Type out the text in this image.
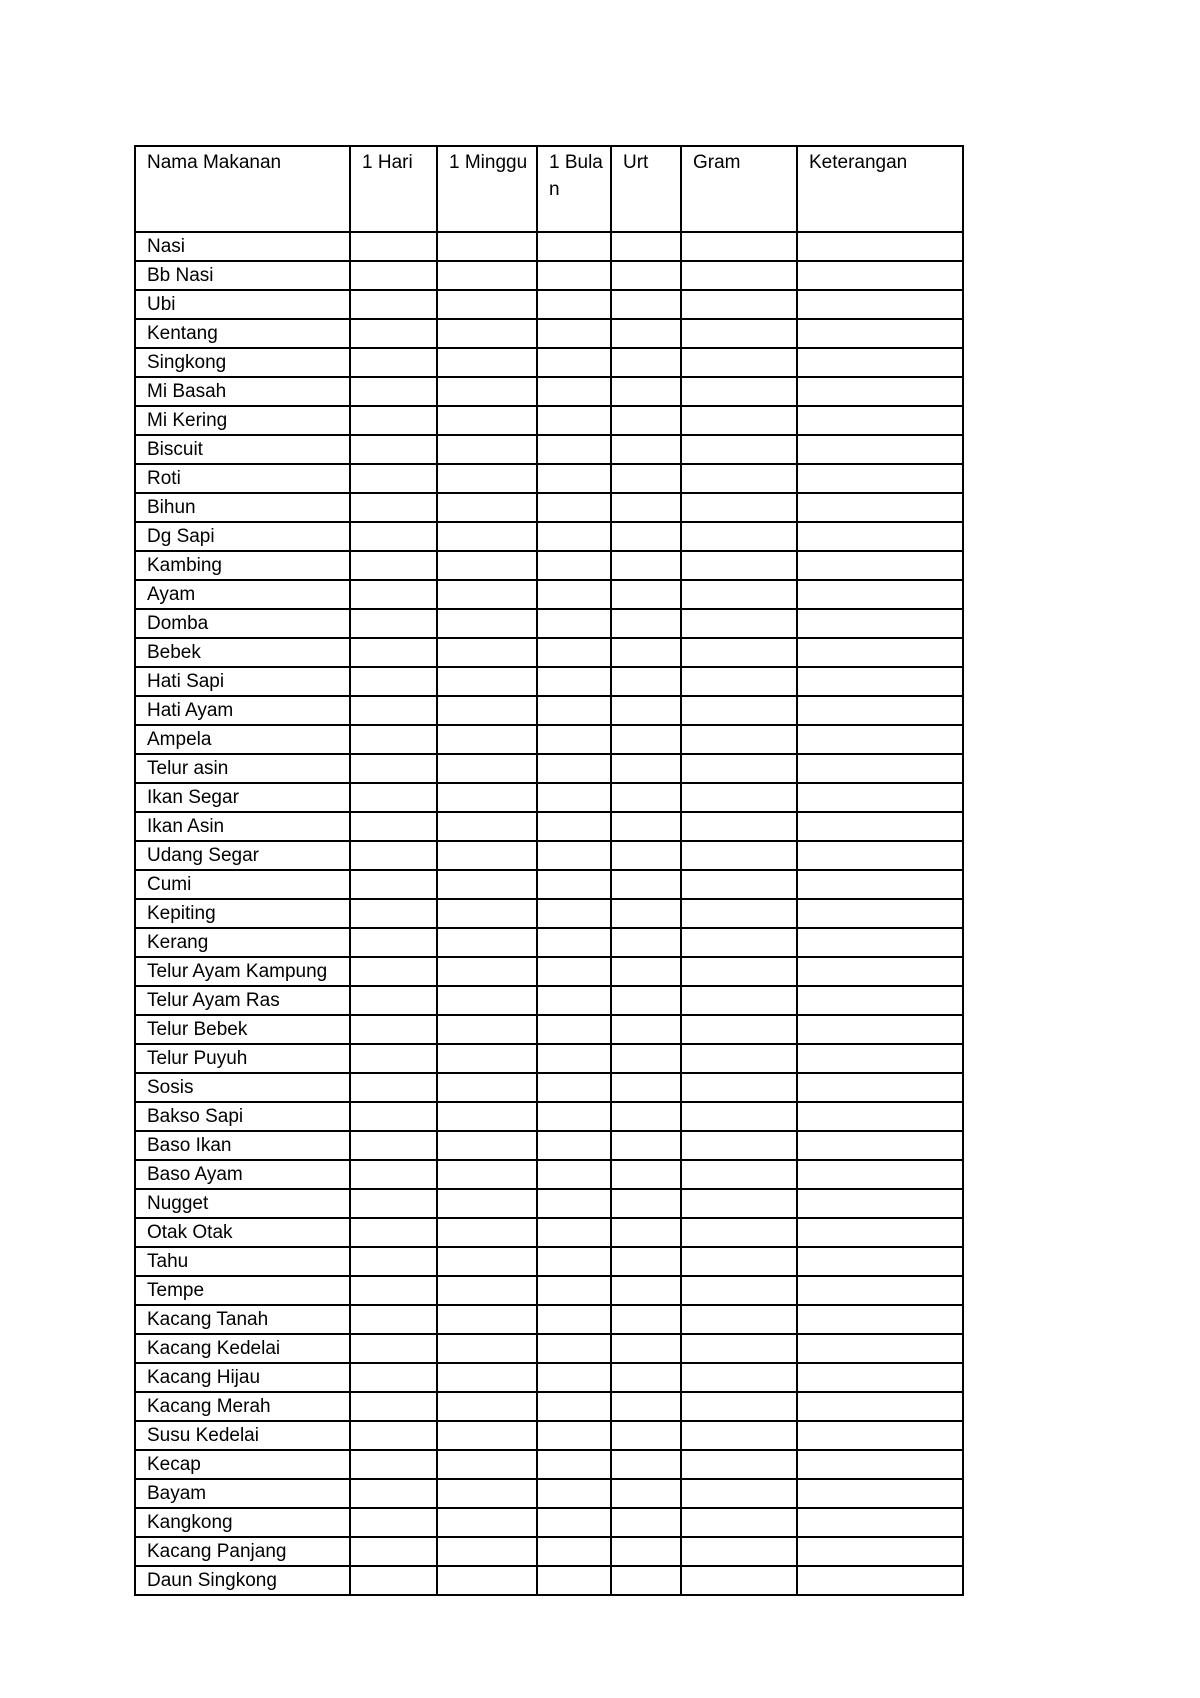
Nama Makanan	1 Hari	1 Minggu	1 Bulan	Urt	Gram	Keterangan
Nasi						
Bb Nasi						
Ubi						
Kentang						
Singkong						
Mi Basah						
Mi Kering						
Biscuit						
Roti						
Bihun						
Dg Sapi						
Kambing						
Ayam						
Domba						
Bebek						
Hati Sapi						
Hati Ayam						
Ampela						
Telur asin						
Ikan Segar						
Ikan Asin						
Udang Segar						
Cumi						
Kepiting						
Kerang						
Telur Ayam Kampung						
Telur Ayam Ras						
Telur Bebek						
Telur Puyuh						
Sosis						
Bakso Sapi						
Baso Ikan						
Baso Ayam						
Nugget						
Otak Otak						
Tahu						
Tempe						
Kacang Tanah						
Kacang Kedelai						
Kacang Hijau						
Kacang Merah						
Susu Kedelai						
Kecap						
Bayam						
Kangkong						
Kacang Panjang						
Daun Singkong						
